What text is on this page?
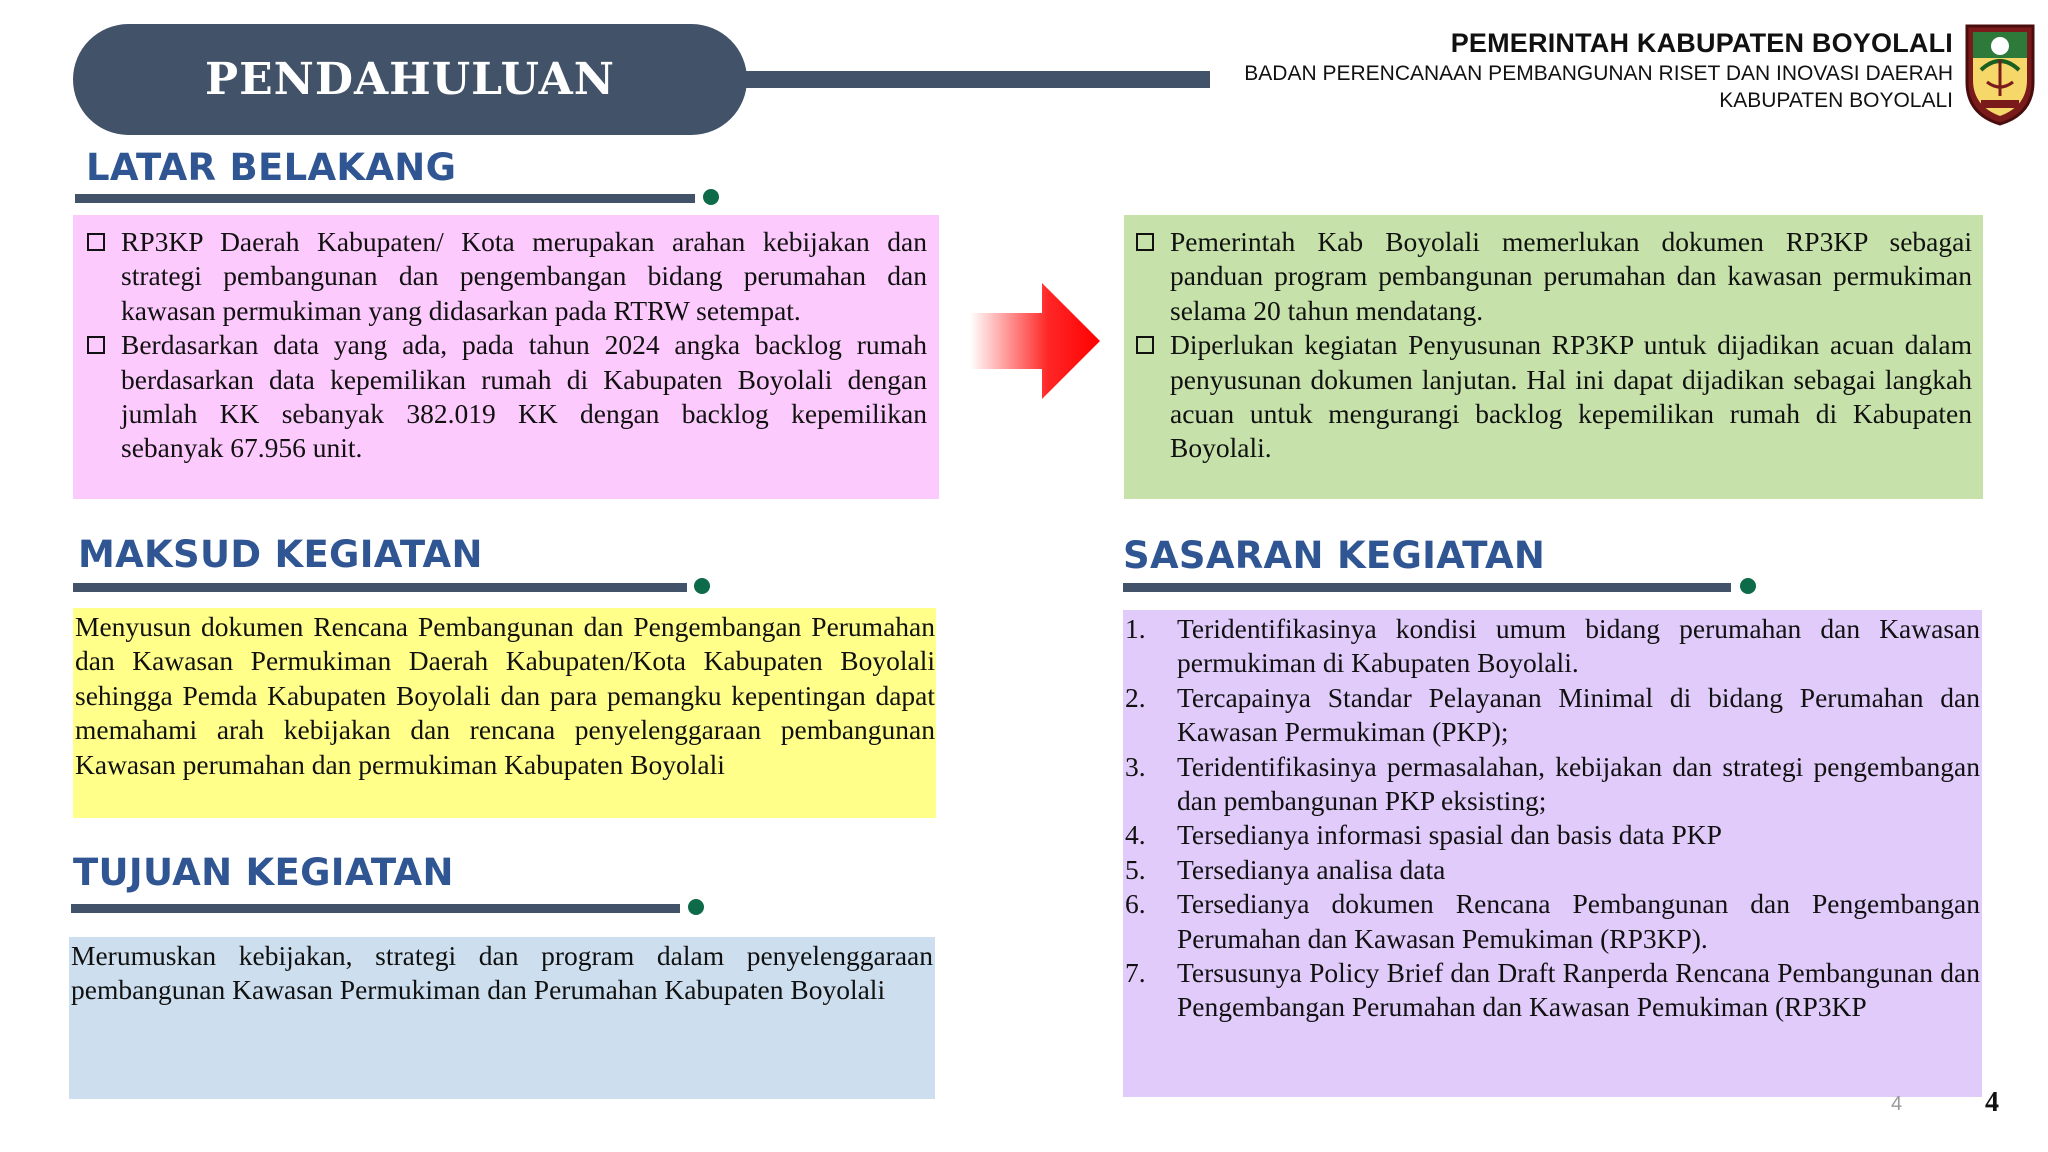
PENDAHULUAN
PEMERINTAH KABUPATEN BOYOLALI
BADAN PERENCANAAN PEMBANGUNAN RISET DAN INOVASI DAERAH
KABUPATEN BOYOLALI
LATAR BELAKANG
RP3KP Daerah Kabupaten/ Kota merupakan arahan kebijakan dan strategi pembangunan dan pengembangan bidang perumahan dan kawasan permukiman yang didasarkan pada RTRW setempat.
Berdasarkan data yang ada, pada tahun 2024 angka backlog rumah berdasarkan data kepemilikan rumah di Kabupaten Boyolali dengan jumlah KK sebanyak 382.019 KK dengan backlog kepemilikan sebanyak 67.956 unit.
Pemerintah Kab Boyolali memerlukan dokumen RP3KP sebagai panduan program pembangunan perumahan dan kawasan permukiman selama 20 tahun mendatang.
Diperlukan kegiatan Penyusunan RP3KP untuk dijadikan acuan dalam penyusunan dokumen lanjutan. Hal ini dapat dijadikan sebagai langkah acuan untuk mengurangi backlog kepemilikan rumah di Kabupaten Boyolali.
MAKSUD KEGIATAN

Menyusun dokumen Rencana Pembangunan dan Pengembangan Perumahan dan Kawasan Permukiman Daerah Kabupaten/Kota Kabupaten Boyolali sehingga Pemda Kabupaten Boyolali dan para pemangku kepentingan dapat memahami arah kebijakan dan rencana penyelenggaraan pembangunan Kawasan perumahan dan permukiman Kabupaten Boyolali

TUJUAN KEGIATAN

Merumuskan kebijakan, strategi dan program dalam penyelenggaraan pembangunan Kawasan Permukiman dan Perumahan Kabupaten Boyolali

SASARAN KEGIATAN
1.	Teridentifikasinya kondisi umum bidang perumahan dan Kawasan permukiman di Kabupaten Boyolali.
2.	Tercapainya Standar Pelayanan Minimal di bidang Perumahan dan Kawasan Permukiman (PKP);
3.	Teridentifikasinya permasalahan, kebijakan dan strategi pengembangan dan pembangunan PKP eksisting;
4.	Tersedianya informasi spasial dan basis data PKP
5.	Tersedianya analisa data
6.	Tersedianya dokumen Rencana Pembangunan dan Pengembangan Perumahan dan Kawasan Pemukiman (RP3KP).
7.	Tersusunya Policy Brief dan Draft Ranperda Rencana Pembangunan dan Pengembangan Perumahan dan Kawasan Pemukiman (RP3KP
4	4
